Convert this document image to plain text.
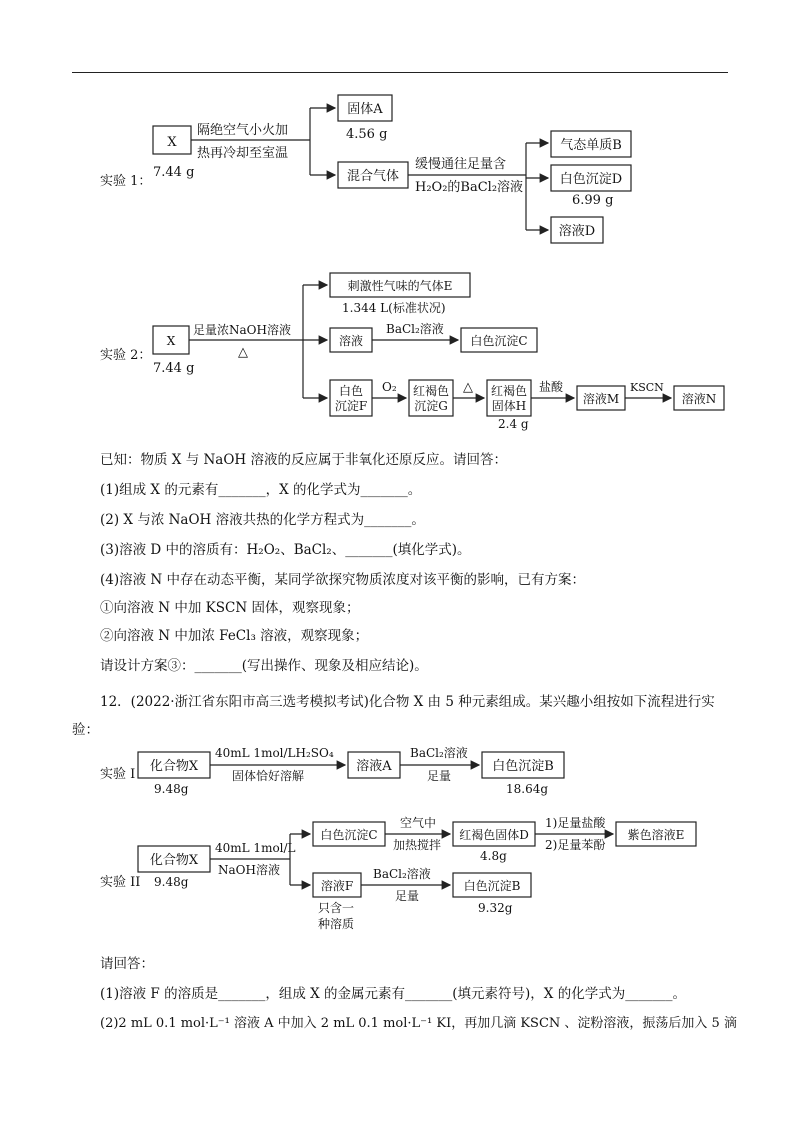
实验 1：
X
7.44 g
隔绝空气小火加
热再冷却至室温
固体A
4.56 g
混合气体
缓慢通往足量含
H₂O₂的BaCl₂溶液
气态单质B
白色沉淀D
6.99 g
溶液D
实验 2：
X
7.44 g
足量浓NaOH溶液
△
刺激性气味的气体E
1.344 L(标准状况)
溶液
BaCl₂溶液
白色沉淀C
白色
沉淀F
O₂ 红褐色
沉淀G
△ 红褐色
固体H
2.4 g
盐酸
溶液M
KSCN
溶液N
实验 I
化合物X
9.48g
40mL 1mol/LH₂SO₄
固体恰好溶解
溶液A
BaCl₂溶液
足量
白色沉淀B
18.64g
实验 II
化合物X
9.48g
40mL 1mol/L
NaOH溶液
白色沉淀C
空气中
加热搅拌
红褐色固体D
4.8g
1)足量盐酸
2)足量苯酚
紫色溶液E
溶液F
只含一
种溶质
BaCl₂溶液
足量
白色沉淀B
9.32g
已知：物质 X 与 NaOH 溶液的反应属于非氧化还原反应。请回答：
(1)组成 X 的元素有_______，X 的化学式为_______。
(2) X 与浓 NaOH 溶液共热的化学方程式为_______。
(3)溶液 D 中的溶质有：H₂O₂、BaCl₂、_______(填化学式)。
(4)溶液 N 中存在动态平衡，某同学欲探究物质浓度对该平衡的影响，已有方案：
①向溶液 N 中加 KSCN 固体，观察现象；
②向溶液 N 中加浓 FeCl₃ 溶液，观察现象；
请设计方案③：_______(写出操作、现象及相应结论)。
12．(2022·浙江省东阳市高三选考模拟考试)化合物 X 由 5 种元素组成。某兴趣小组按如下流程进行实验：
请回答：
(1)溶液 F 的溶质是_______，组成 X 的金属元素有_______(填元素符号)，X 的化学式为_______。
(2)2 mL 0.1 mol·L⁻¹ 溶液 A 中加入 2 mL 0.1 mol·L⁻¹ KI，再加几滴 KSCN 、淀粉溶液，振荡后加入 5 滴
